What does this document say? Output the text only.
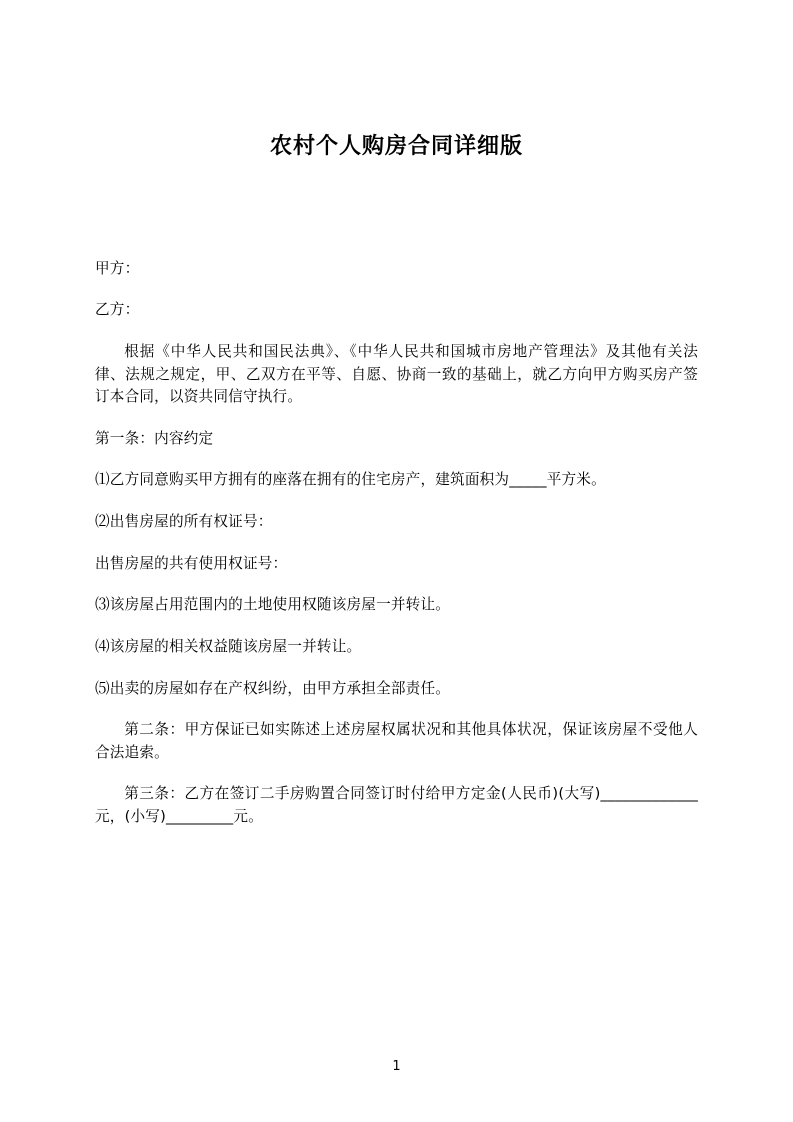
农村个人购房合同详细版

甲方：

乙方：

根据《中华人民共和国民法典》、《中华人民共和国城市房地产管理法》及其他有关法律、法规之规定，甲、乙双方在平等、自愿、协商一致的基础上，就乙方向甲方购买房产签订本合同，以资共同信守执行。

第一条：内容约定

⑴乙方同意购买甲方拥有的座落在拥有的住宅房产，建筑面积为_____平方米。

⑵出售房屋的所有权证号：

出售房屋的共有使用权证号：

⑶该房屋占用范围内的土地使用权随该房屋一并转让。

⑷该房屋的相关权益随该房屋一并转让。

⑸出卖的房屋如存在产权纠纷，由甲方承担全部责任。

第二条：甲方保证已如实陈述上述房屋权属状况和其他具体状况，保证该房屋不受他人合法追索。

第三条：乙方在签订二手房购置合同签订时付给甲方定金(人民币)(大写)_____________元，(小写)_________元。

1
